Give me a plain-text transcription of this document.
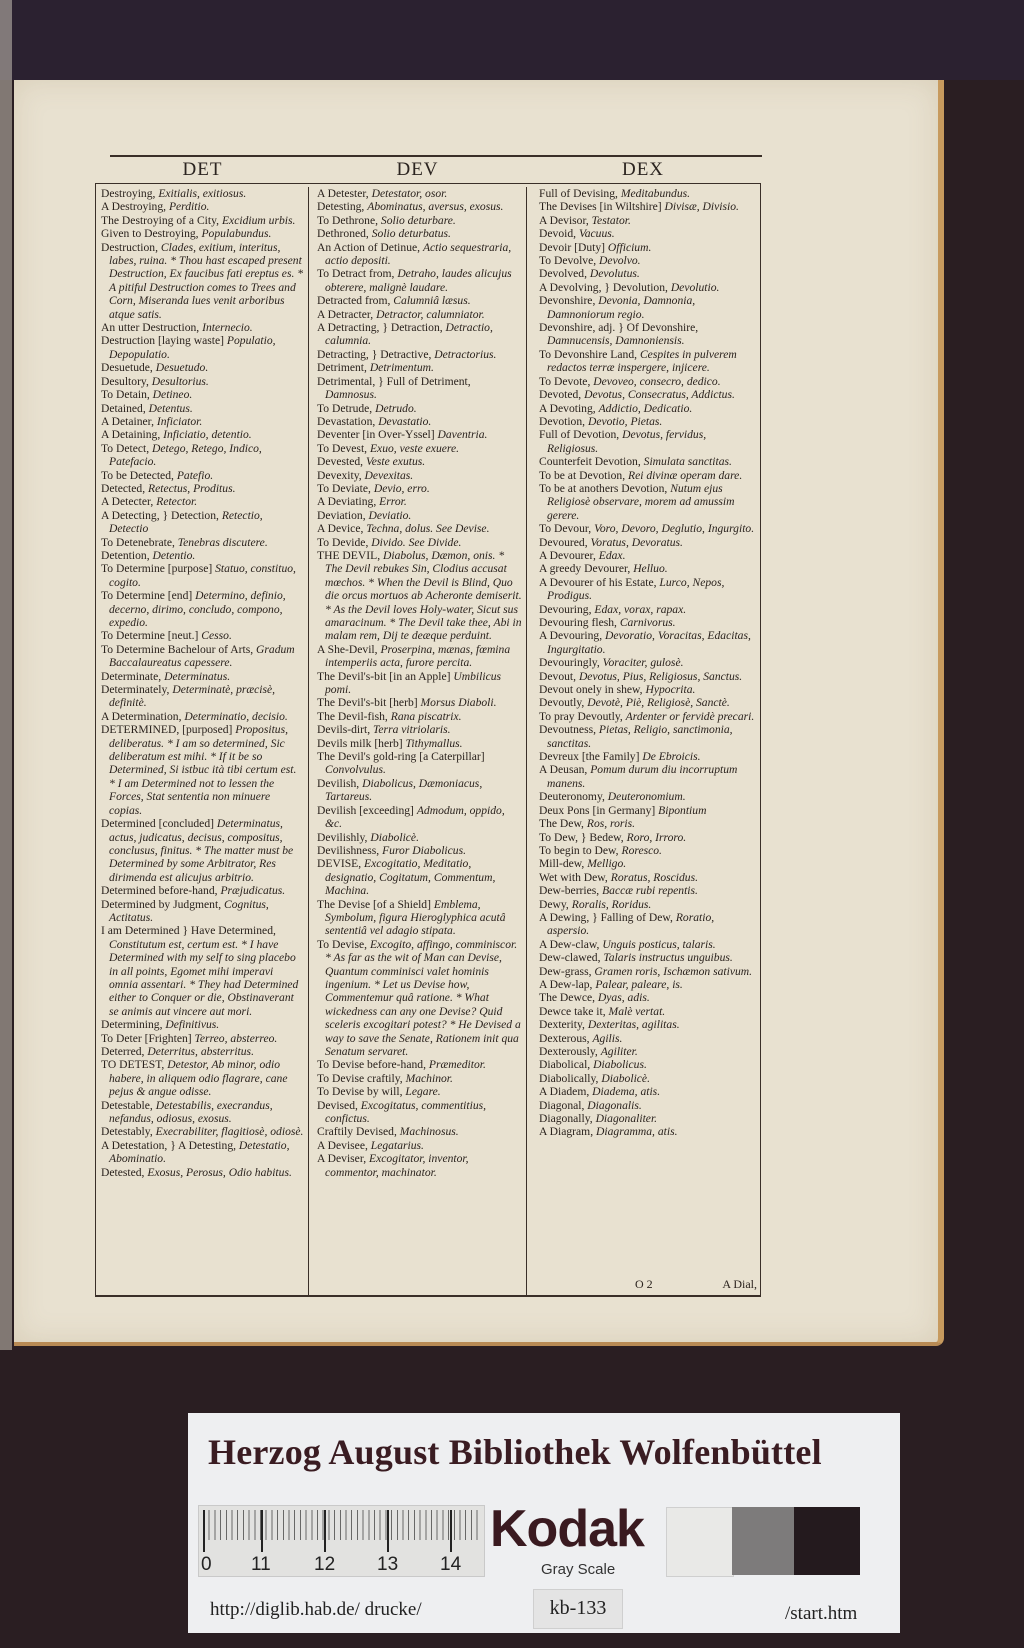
DET	DEV	DEX

Destroying, Exitialis, exitiosus.

A Destroying, Perditio.

The Destroying of a City, Excidium urbis.

Given to Destroying, Populabundus.

Destruction, Clades, exitium, interitus, labes, ruina. * Thou hast escaped present Destruction, Ex faucibus fati ereptus es. * A pitiful Destruction comes to Trees and Corn, Miseranda lues venit arboribus atque satis.

An utter Destruction, Internecio.

Destruction [laying waste] Populatio, Depopulatio.

Desuetude, Desuetudo.

Desultory, Desultorius.

To Detain, Detineo.

Detained, Detentus.

A Detainer, Inficiator.

A Detaining, Inficiatio, detentio.

To Detect, Detego, Retego, Indico, Patefacio.

To be Detected, Patefio.

Detected, Retectus, Proditus.

A Detecter, Retector.

A Detecting, } Detection, Retectio, Detectio

To Detenebrate, Tenebras discutere.

Detention, Detentio.

To Determine [purpose] Statuo, constituo, cogito.

To Determine [end] Determino, definio, decerno, dirimo, concludo, compono, expedio.

To Determine [neut.] Cesso.

To Determine Bachelour of Arts, Gradum Baccalaureatus capessere.

Determinate, Determinatus.

Determinately, Determinatè, præcisè, definitè.

A Determination, Determinatio, decisio.

DETERMINED, [purposed] Propositus, deliberatus. * I am so determined, Sic deliberatum est mihi. * If it be so Determined, Si istbuc ità tibi certum est. * I am Determined not to lessen the Forces, Stat sententia non minuere copias.

Determined [concluded] Determinatus, actus, judicatus, decisus, compositus, conclusus, finitus. * The matter must be Determined by some Arbitrator, Res dirimenda est alicujus arbitrio.

Determined before-hand, Præjudicatus.

Determined by Judgment, Cognitus, Actitatus.

I am Determined } Have Determined, Constitutum est, certum est. * I have Determined with my self to sing placebo in all points, Egomet mihi imperavi omnia assentari. * They had Determined either to Conquer or die, Obstinaverant se animis aut vincere aut mori.

Determining, Definitivus.

To Deter [Frighten] Terreo, absterreo.

Deterred, Deterritus, absterritus.

TO DETEST, Detestor, Ab minor, odio habere, in aliquem odio flagrare, cane pejus & angue odisse.

Detestable, Detestabilis, execrandus, nefandus, odiosus, exosus.

Detestably, Execrabiliter, flagitiosè, odiosè.

A Detestation, } A Detesting, Detestatio, Abominatio.

Detested, Exosus, Perosus, Odio habitus.

A Detester, Detestator, osor.

Detesting, Abominatus, aversus, exosus.

To Dethrone, Solio deturbare.

Dethroned, Solio deturbatus.

An Action of Detinue, Actio sequestraria, actio depositi.

To Detract from, Detraho, laudes alicujus obterere, malignè laudare.

Detracted from, Calumniâ læsus.

A Detracter, Detractor, calumniator.

A Detracting, } Detraction, Detractio, calumnia.

Detracting, } Detractive, Detractorius.

Detriment, Detrimentum.

Detrimental, } Full of Detriment, Damnosus.

To Detrude, Detrudo.

Devastation, Devastatio.

Deventer [in Over-Yssel] Daventria.

To Devest, Exuo, veste exuere.

Devested, Veste exutus.

Devexity, Devexitas.

To Deviate, Devio, erro.

A Deviating, Error.

Deviation, Deviatio.

A Device, Techna, dolus. See Devise.

To Devide, Divido. See Divide.

THE DEVIL, Diabolus, Dæmon, onis. * The Devil rebukes Sin, Clodius accusat mœchos. * When the Devil is Blind, Quo die orcus mortuos ab Acheronte demiserit. * As the Devil loves Holy-water, Sicut sus amaracinum. * The Devil take thee, Abi in malam rem, Dij te deæque perduint.

A She-Devil, Proserpina, mænas, fœmina intemperiis acta, furore percita.

The Devil's-bit [in an Apple] Umbilicus pomi.

The Devil's-bit [herb] Morsus Diaboli.

The Devil-fish, Rana piscatrix.

Devils-dirt, Terra vitriolaris.

Devils milk [herb] Tithymallus.

The Devil's gold-ring [a Caterpillar] Convolvulus.

Devilish, Diabolicus, Dæmoniacus, Tartareus.

Devilish [exceeding] Admodum, oppido, &c.

Devilishly, Diabolicè.

Devilishness, Furor Diabolicus.

DEVISE, Excogitatio, Meditatio, designatio, Cogitatum, Commentum, Machina.

The Devise [of a Shield] Emblema, Symbolum, figura Hieroglyphica acutâ sententiâ vel adagio stipata.

To Devise, Excogito, affingo, comminiscor. * As far as the wit of Man can Devise, Quantum comminisci valet hominis ingenium. * Let us Devise how, Commentemur quâ ratione. * What wickedness can any one Devise? Quid sceleris excogitari potest? * He Devised a way to save the Senate, Rationem init qua Senatum servaret.

To Devise before-hand, Præmeditor.

To Devise craftily, Machinor.

To Devise by will, Legare.

Devised, Excogitatus, commentitius, confictus.

Craftily Devised, Machinosus.

A Devisee, Legatarius.

A Deviser, Excogitator, inventor, commentor, machinator.

Full of Devising, Meditabundus.

The Devises [in Wiltshire] Divisæ, Divisio.

A Devisor, Testator.

Devoid, Vacuus.

Devoir [Duty] Officium.

To Devolve, Devolvo.

Devolved, Devolutus.

A Devolving, } Devolution, Devolutio.

Devonshire, Devonia, Damnonia, Damnoniorum regio.

Devonshire, adj. } Of Devonshire, Damnucensis, Damnoniensis.

To Devonshire Land, Cespites in pulverem redactos terræ inspergere, injicere.

To Devote, Devoveo, consecro, dedico.

Devoted, Devotus, Consecratus, Addictus.

A Devoting, Addictio, Dedicatio.

Devotion, Devotio, Pietas.

Full of Devotion, Devotus, fervidus, Religiosus.

Counterfeit Devotion, Simulata sanctitas.

To be at Devotion, Rei divinæ operam dare.

To be at anothers Devotion, Nutum ejus Religiosè observare, morem ad amussim gerere.

To Devour, Voro, Devoro, Deglutio, Ingurgito.

Devoured, Voratus, Devoratus.

A Devourer, Edax.

A greedy Devourer, Helluo.

A Devourer of his Estate, Lurco, Nepos, Prodigus.

Devouring, Edax, vorax, rapax.

Devouring flesh, Carnivorus.

A Devouring, Devoratio, Voracitas, Edacitas, Ingurgitatio.

Devouringly, Voraciter, gulosè.

Devout, Devotus, Pius, Religiosus, Sanctus.

Devout onely in shew, Hypocrita.

Devoutly, Devotè, Piè, Religiosè, Sanctè.

To pray Devoutly, Ardenter or fervidè precari.

Devoutness, Pietas, Religio, sanctimonia, sanctitas.

Devreux [the Family] De Ebroicis.

A Deusan, Pomum durum diu incorruptum manens.

Deuteronomy, Deuteronomium.

Deux Pons [in Germany] Bipontium

The Dew, Ros, roris.

To Dew, } Bedew, Roro, Irroro.

To begin to Dew, Roresco.

Mill-dew, Melligo.

Wet with Dew, Roratus, Roscidus.

Dew-berries, Baccæ rubi repentis.

Dewy, Roralis, Roridus.

A Dewing, } Falling of Dew, Roratio, aspersio.

A Dew-claw, Unguis posticus, talaris.

Dew-clawed, Talaris instructus unguibus.

Dew-grass, Gramen roris, Ischæmon sativum.

A Dew-lap, Palear, paleare, is.

The Dewce, Dyas, adis.

Dewce take it, Malè vertat.

Dexterity, Dexteritas, agilitas.

Dexterous, Agilis.

Dexterously, Agiliter.

Diabolical, Diabolicus.

Diabolically, Diabolicè.

A Diadem, Diadema, atis.

Diagonal, Diagonalis.

Diagonally, Diagonaliter.

A Diagram, Diagramma, atis.

O 2	A Dial,
Herzog August Bibliothek Wolfenbüttel
0 11 12 13 14
Kodak
Gray Scale
http://diglib.hab.de/ drucke/	kb-133	/start.htm
